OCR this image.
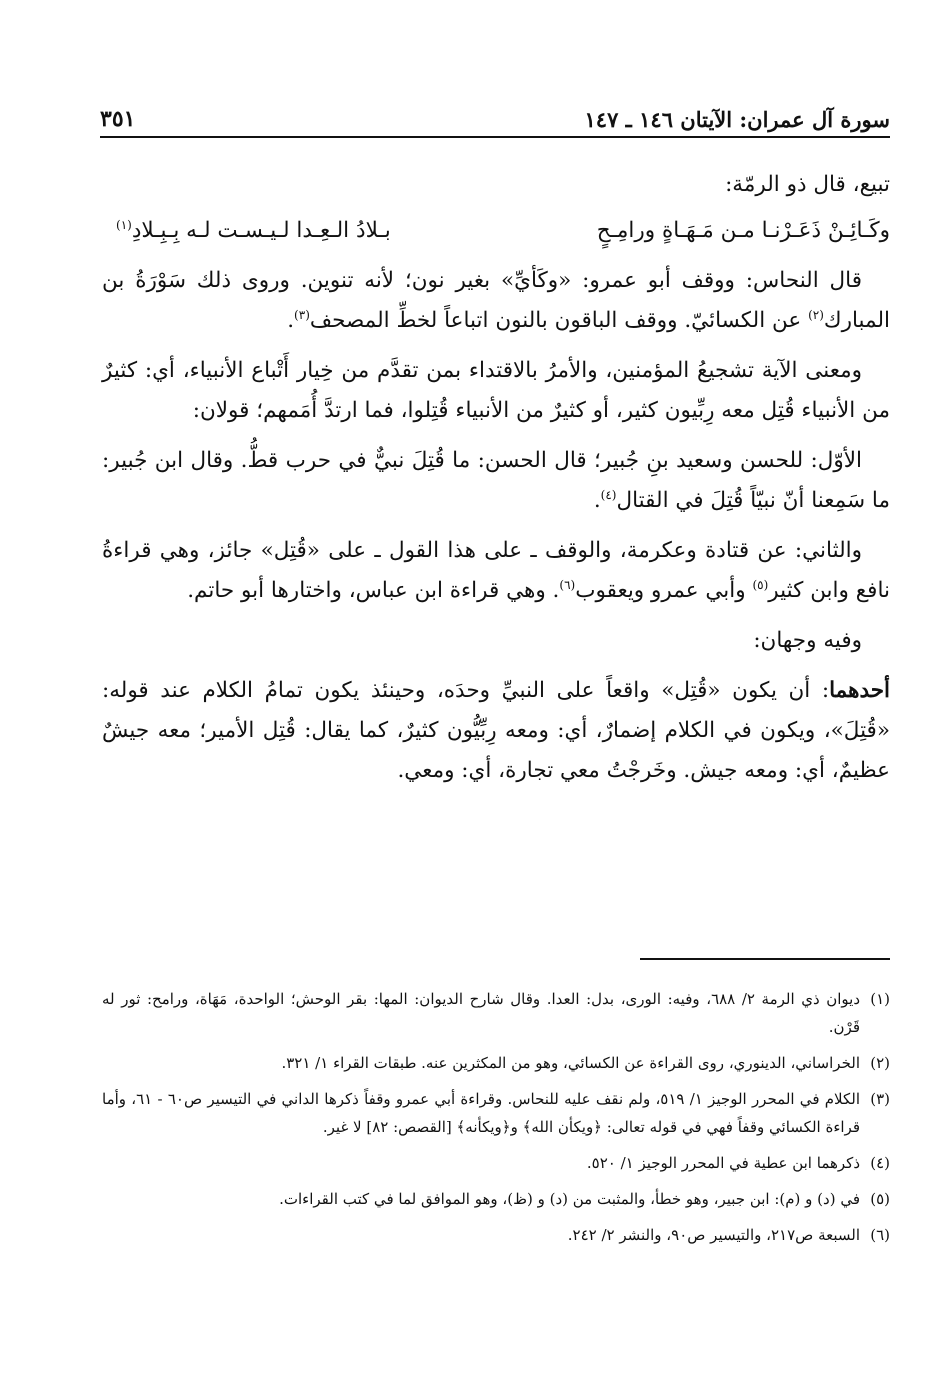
سورة آل عمران: الآيتان ١٤٦ ـ ١٤٧
٣٥١

تبيع، قال ذو الرمّة:

وكَـائِـنْ ذَعَـرْنـا مـن مَـهَـاةٍ ورامِـحٍ
بـلادُ الـعِـدا لـيـسـت لـه بِـبِـلادِ$^{(١)}$

قال النحاس: ووقف أبو عمرو: «وكَأيِّ» بغير نون؛ لأنه تنوين. وروى ذلك سَوْرَةُ بن المبارك$^{(٢)}$ عن الكسائيّ. ووقف الباقون بالنون اتباعاً لخطِّ المصحف$^{(٣)}$.

ومعنى الآية تشجيعُ المؤمنين، والأمرُ بالاقتداء بمن تقدَّم من خِيار أَتْباع الأنبياء، أي: كثيرٌ من الأنبياء قُتِل معه رِبِّيون كثير، أو كثيرٌ من الأنبياء قُتِلوا، فما ارتدَّ أُمَمهم؛ قولان:

الأوّل: للحسن وسعيد بنِ جُبير؛ قال الحسن: ما قُتِلَ نبيٌّ في حرب قطُّ. وقال ابن جُبير: ما سَمِعنا أنّ نبيّاً قُتِلَ في القتال$^{(٤)}$.

والثاني: عن قتادة وعكرمة، والوقف ـ على هذا القول ـ على «قُتِل» جائز، وهي قراءةُ نافع وابن كثير$^{(٥)}$ وأبي عمرو ويعقوب$^{(٦)}$. وهي قراءة ابن عباس، واختارها أبو حاتم.

وفيه وجهان:

أحدهما: أن يكون «قُتِل» واقعاً على النبيِّ وحدَه، وحينئذ يكون تمامُ الكلام عند قوله: «قُتِلَ»، ويكون في الكلام إضمارٌ، أي: ومعه رِبِّيُّون كثيرٌ، كما يقال: قُتِل الأمير؛ معه جيشٌ عظيمٌ، أي: ومعه جيش. وخَرجْتُ معي تجارة، أي: ومعي.

(١)ديوان ذي الرمة ٢/ ٦٨٨، وفيه: الورى، بدل: العدا. وقال شارح الديوان: المها: بقر الوحش؛ الواحدة، مَهَاة، ورامح: ثور له قَرْن.

(٢)الخراساني، الدينوري، روى القراءة عن الكسائي، وهو من المكثرين عنه. طبقات القراء ١/ ٣٢١.

(٣)الكلام في المحرر الوجيز ١/ ٥١٩، ولم نقف عليه للنحاس. وقراءة أبي عمرو وقفاً ذكرها الداني في التيسير ص٦٠ - ٦١، وأما قراءة الكسائي وقفاً فهي في قوله تعالى: ﴿ويكأن الله﴾ و﴿ويكأنه﴾ [القصص: ٨٢] لا غير.

(٤)ذكرهما ابن عطية في المحرر الوجيز ١/ ٥٢٠.

(٥)في (د) و (م): ابن جبير، وهو خطأ، والمثبت من (د) و (ظ)، وهو الموافق لما في كتب القراءات.

(٦)السبعة ص٢١٧، والتيسير ص٩٠، والنشر ٢/ ٢٤٢.
